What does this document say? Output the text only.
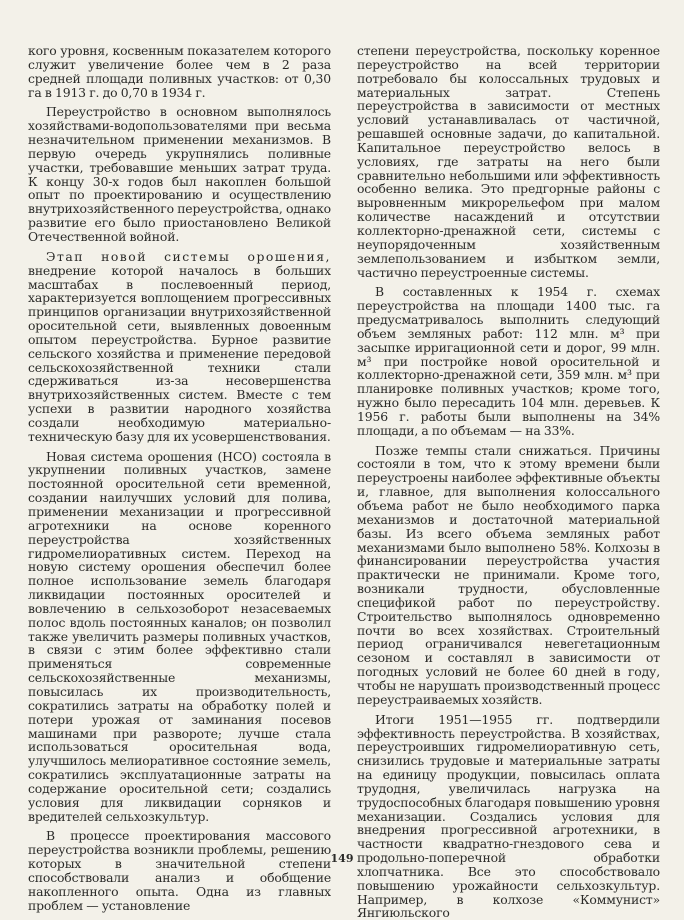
кого уровня, косвенным показателем которого служит увеличение более чем в 2 раза средней площади поливных участков: от 0,30 га в 1913 г. до 0,70 в 1934 г.

Переустройство в основном выполнялось хозяйствами-водопользователями при весьма незначительном применении механизмов. В первую очередь укрупнялись поливные участки, требовавшие меньших затрат труда. К концу 30-х годов был накоплен большой опыт по проектированию и осуществлению внутрихозяйственного переустройства, однако развитие его было приостановлено Великой Отечественной войной.

Этап новой системы орошения, внедрение которой началось в больших масштабах в послевоенный период, характеризуется воплощением прогрессивных принципов организации внутрихозяйственной оросительной сети, выявленных довоенным опытом переустройства. Бурное развитие сельского хозяйства и применение передовой сельскохозяйственной техники стали сдерживаться из-за несовершенства внутрихозяйственных систем. Вместе с тем успехи в развитии народного хозяйства создали необходимую материально-техническую базу для их усовершенствования.

Новая система орошения (НСО) состояла в укрупнении поливных участков, замене постоянной оросительной сети временной, создании наилучших условий для полива, применении механизации и прогрессивной агротехники на основе коренного переустройства хозяйственных гидромелиоративных систем. Переход на новую систему орошения обеспечил более полное использование земель благодаря ликвидации постоянных оросителей и вовлечению в сельхозоборот незасеваемых полос вдоль постоянных каналов; он позволил также увеличить размеры поливных участков, в связи с этим более эффективно стали применяться современные сельскохозяйственные механизмы, повысилась их производительность, сократились затраты на обработку полей и потери урожая от заминания посевов машинами при развороте; лучше стала использоваться оросительная вода, улучшилось мелиоративное состояние земель, сократились эксплуатационные затраты на содержание оросительной сети; создались условия для ликвидации сорняков и вредителей сельхозкультур.

В процессе проектирования массового переустройства возникли проблемы, решению которых в значительной степени способствовали анализ и обобщение накопленного опыта. Одна из главных проблем — установление

степени переустройства, поскольку коренное переустройство на всей территории потребовало бы колоссальных трудовых и материальных затрат. Степень переустройства в зависимости от местных условий устанавливалась от частичной, решавшей основные задачи, до капитальной. Капитальное переустройство велось в условиях, где затраты на него были сравнительно небольшими или эффективность особенно велика. Это предгорные районы с выровненным микрорельефом при малом количестве насаждений и отсутствии коллекторно-дренажной сети, системы с неупорядоченным хозяйственным землепользованием и избытком земли, частично переустроенные системы.

В составленных к 1954 г. схемах переустройства на площади 1400 тыс. га предусматривалось выполнить следующий объем земляных работ: 112 млн. м³ при засыпке ирригационной сети и дорог, 99 млн. м³ при постройке новой оросительной и коллекторно-дренажной сети, 359 млн. м³ при планировке поливных участков; кроме того, нужно было пересадить 104 млн. деревьев. К 1956 г. работы были выполнены на 34% площади, а по объемам — на 33%.

Позже темпы стали снижаться. Причины состояли в том, что к этому времени были переустроены наиболее эффективные объекты и, главное, для выполнения колоссального объема работ не было необходимого парка механизмов и достаточной материальной базы. Из всего объема земляных работ механизмами было выполнено 58%. Колхозы в финансировании переустройства участия практически не принимали. Кроме того, возникали трудности, обусловленные спецификой работ по переустройству. Строительство выполнялось одновременно почти во всех хозяйствах. Строительный период ограничивался невегетационным сезоном и составлял в зависимости от погодных условий не более 60 дней в году, чтобы не нарушать производственный процесс переустраиваемых хозяйств.

Итоги 1951—1955 гг. подтвердили эффективность переустройства. В хозяйствах, переустроивших гидромелиоративную сеть, снизились трудовые и материальные затраты на единицу продукции, повысилась оплата трудодня, увеличилась нагрузка на трудоспособных благодаря повышению уровня механизации. Создались условия для внедрения прогрессивной агротехники, в частности квадратно-гнездового сева и продольно-поперечной обработки хлопчатника. Все это способствовало повышению урожайности сельхозкультур. Например, в колхозе «Коммунист» Янгиюльского

149
